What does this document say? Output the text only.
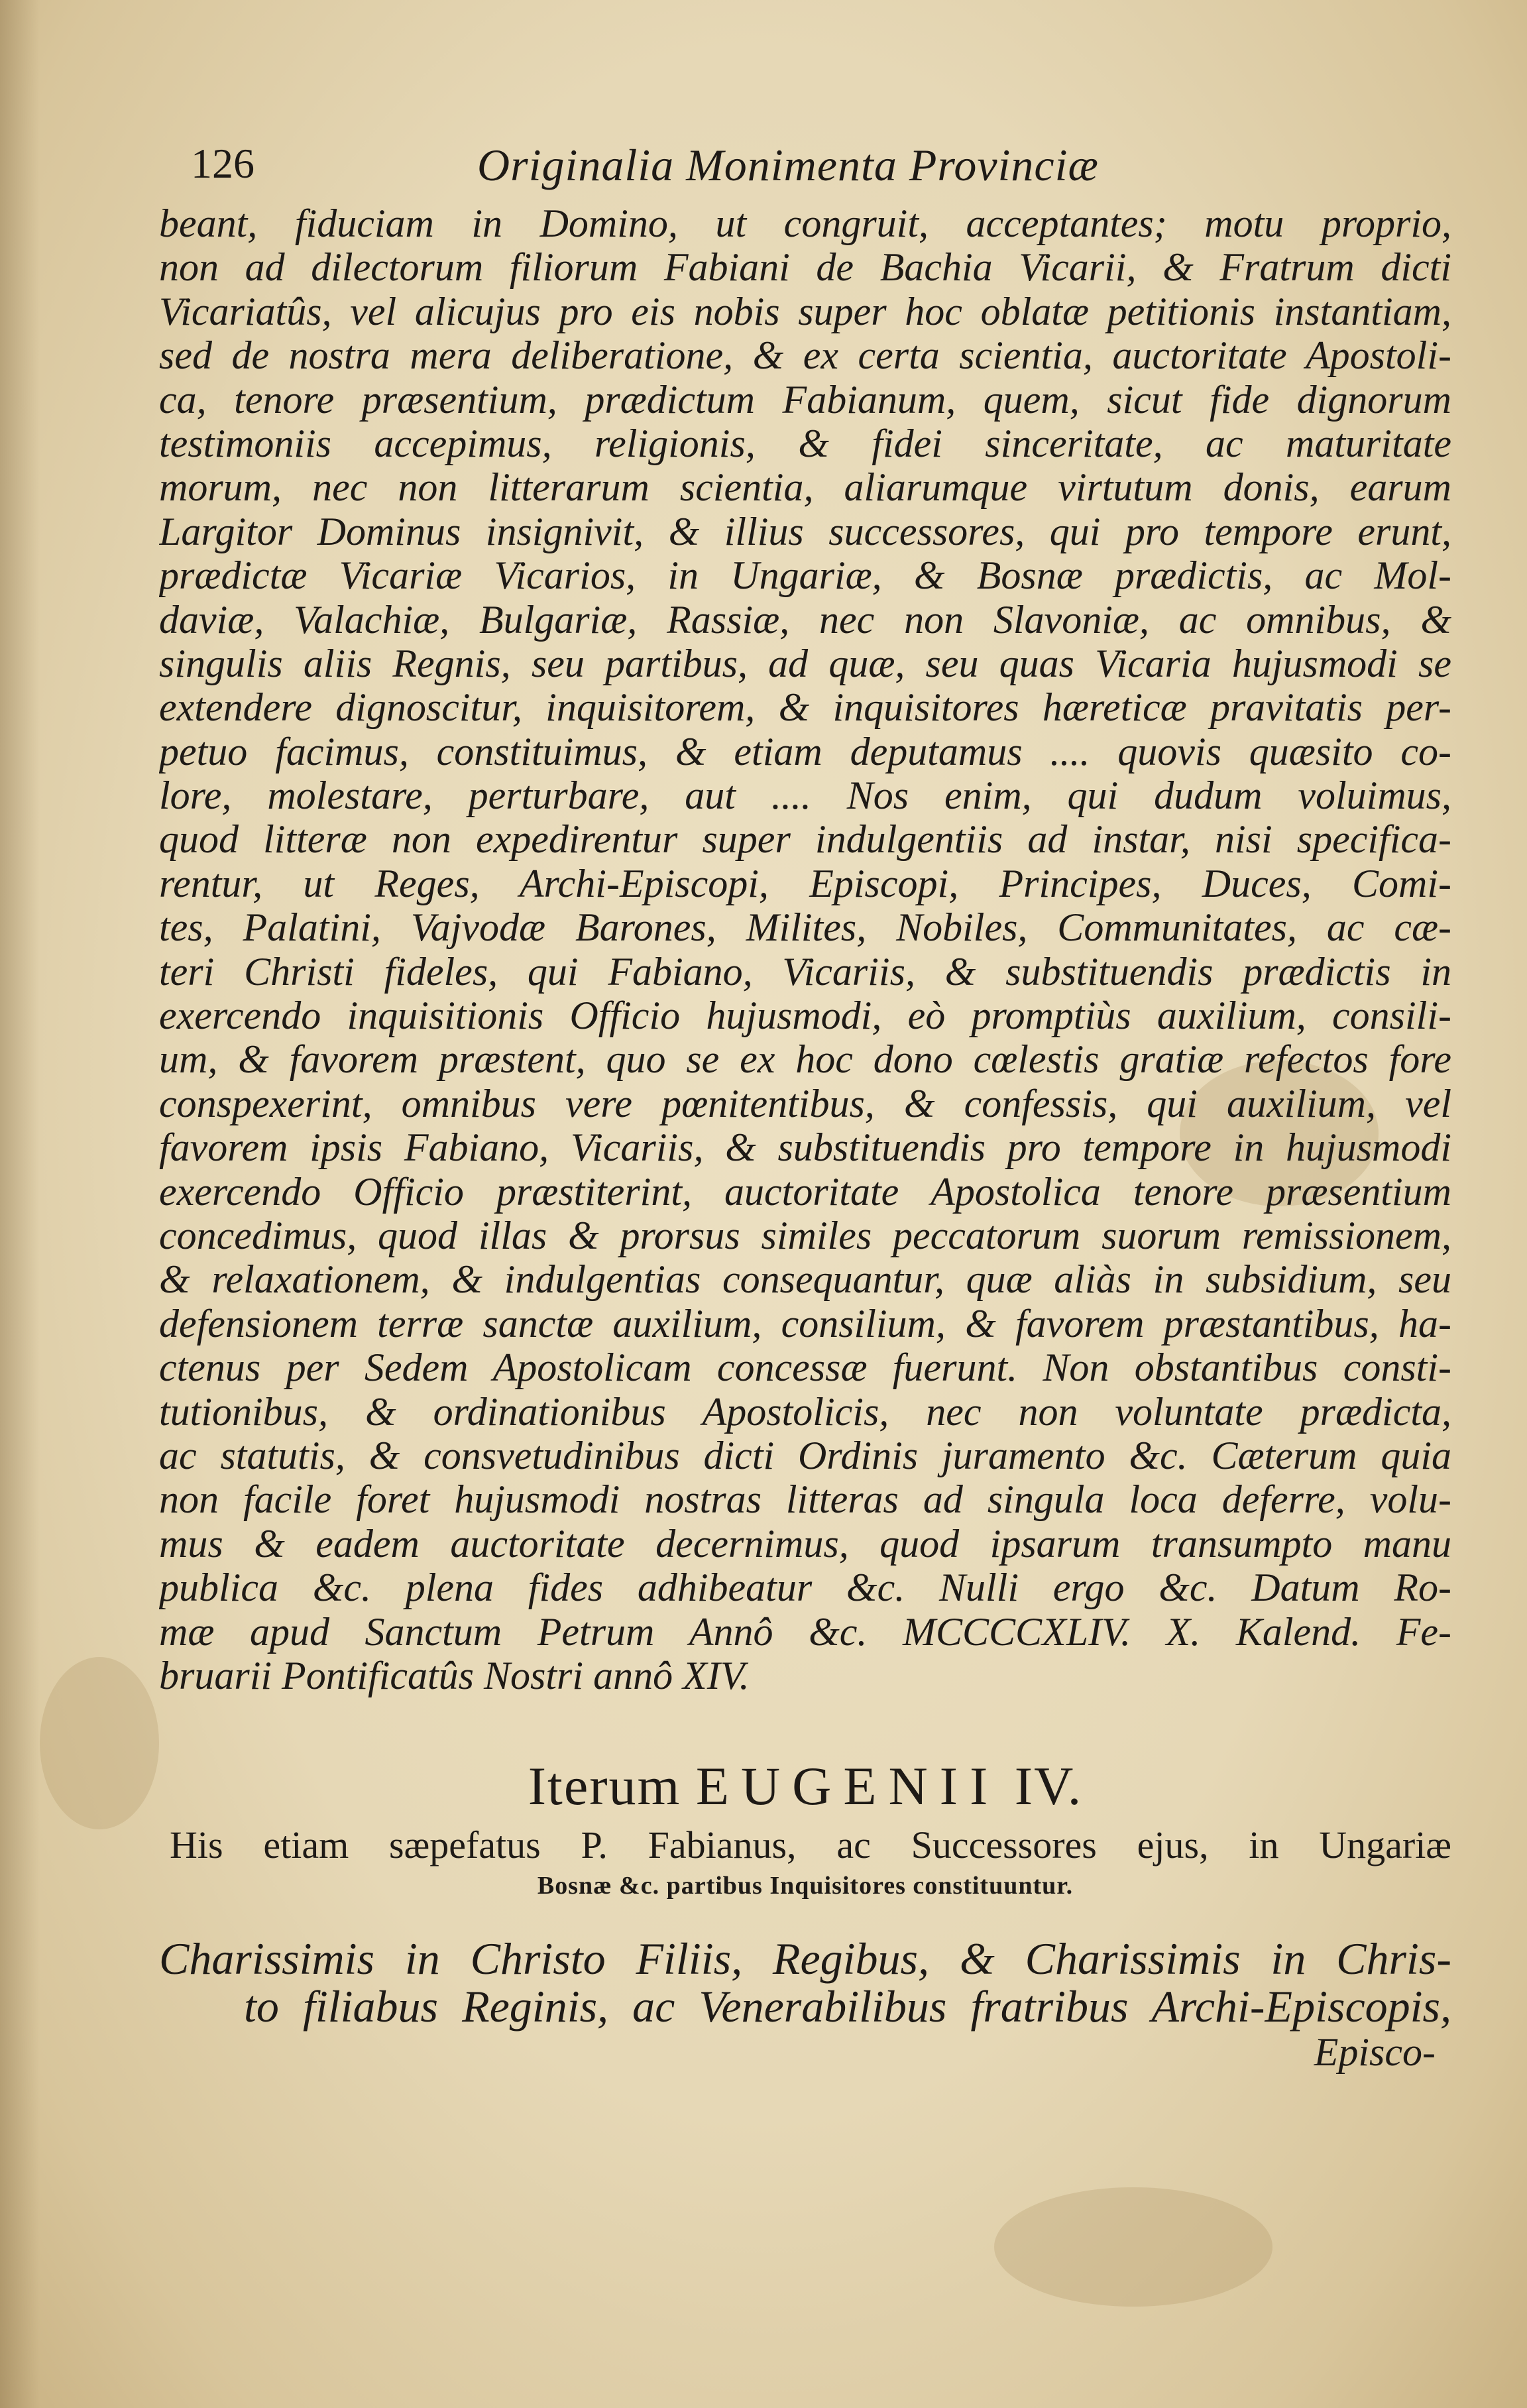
126	Originalia Monimenta Provinciæ
beant, fiduciam in Domino, ut congruit, acceptantes; motu proprio,
non ad dilectorum filiorum Fabiani de Bachia Vicarii, & Fratrum dicti
Vicariatûs, vel alicujus pro eis nobis super hoc oblatæ petitionis instantiam,
sed de nostra mera deliberatione, & ex certa scientia, auctoritate Apostoli-
ca, tenore præsentium, prædictum Fabianum, quem, sicut fide dignorum
testimoniis accepimus, religionis, & fidei sinceritate, ac maturitate
morum, nec non litterarum scientia, aliarumque virtutum donis, earum
Largitor Dominus insignivit, & illius successores, qui pro tempore erunt,
prædictæ Vicariæ Vicarios, in Ungariæ, & Bosnæ prædictis, ac Mol-
daviæ, Valachiæ, Bulgariæ, Rassiæ, nec non Slavoniæ, ac omnibus, &
singulis aliis Regnis, seu partibus, ad quæ, seu quas Vicaria hujusmodi se
extendere dignoscitur, inquisitorem, & inquisitores hæreticæ pravitatis per-
petuo facimus, constituimus, & etiam deputamus .... quovis quæsito co-
lore, molestare, perturbare, aut .... Nos enim, qui dudum voluimus,
quod litteræ non expedirentur super indulgentiis ad instar, nisi specifica-
rentur, ut Reges, Archi-Episcopi, Episcopi, Principes, Duces, Comi-
tes, Palatini, Vajvodæ Barones, Milites, Nobiles, Communitates, ac cæ-
teri Christi fideles, qui Fabiano, Vicariis, & substituendis prædictis in
exercendo inquisitionis Officio hujusmodi, eò promptiùs auxilium, consili-
um, & favorem præstent, quo se ex hoc dono cœlestis gratiæ refectos fore
conspexerint, omnibus vere pœnitentibus, & confessis, qui auxilium, vel
favorem ipsis Fabiano, Vicariis, & substituendis pro tempore in hujusmodi
exercendo Officio præstiterint, auctoritate Apostolica tenore præsentium
concedimus, quod illas & prorsus similes peccatorum suorum remissionem,
& relaxationem, & indulgentias consequantur, quæ aliàs in subsidium, seu
defensionem terræ sanctæ auxilium, consilium, & favorem præstantibus, ha-
ctenus per Sedem Apostolicam concessæ fuerunt. Non obstantibus consti-
tutionibus, & ordinationibus Apostolicis, nec non voluntate prædicta,
ac statutis, & consvetudinibus dicti Ordinis juramento &c. Cæterum quia
non facile foret hujusmodi nostras litteras ad singula loca deferre, volu-
mus & eadem auctoritate decernimus, quod ipsarum transumpto manu
publica &c. plena fides adhibeatur &c. Nulli ergo &c. Datum Ro-
mæ apud Sanctum Petrum Annô &c. MCCCCXLIV. X. Kalend. Fe-
bruarii Pontificatûs Nostri annô XIV.
Iterum EUGENII IV.
His etiam sæpefatus P. Fabianus, ac Successores ejus, in Ungariæ
Bosnæ &c. partibus Inquisitores constituuntur.
Charissimis in Christo Filiis, Regibus, & Charissimis in Chris-
to filiabus Reginis, ac Venerabilibus fratribus Archi-Episcopis,
Episco-
